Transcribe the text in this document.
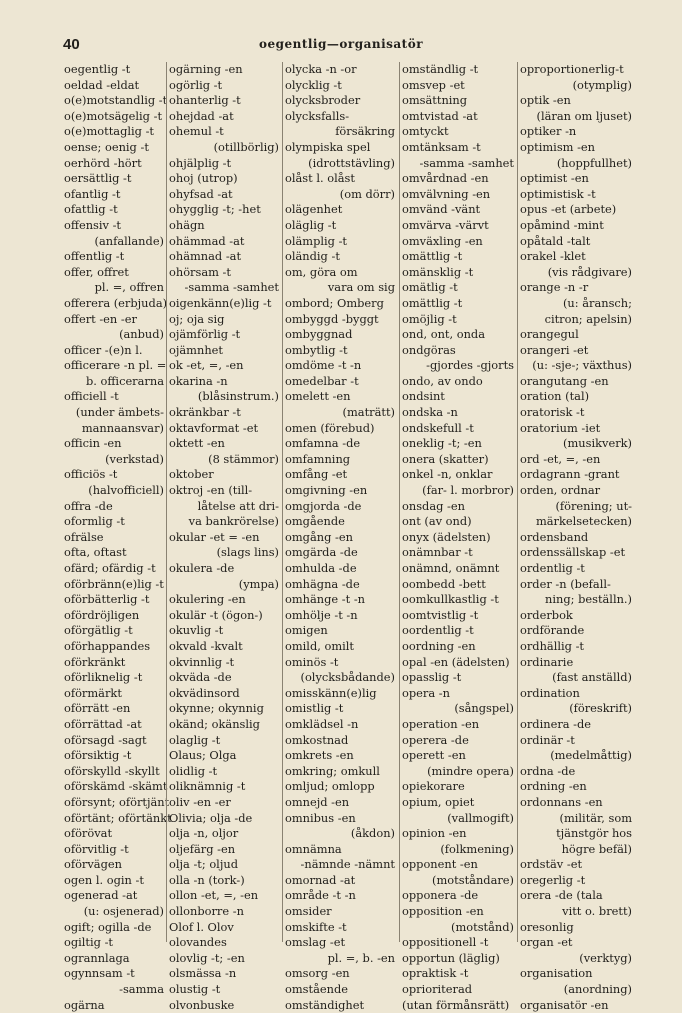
40	oegentlig—organisatör
oegentlig -t
oeldad -eldat
o(e)motstandlig -t
o(e)motsägelig -t
o(e)mottaglig -t
oense; oenig -t
oerhörd -hört
oersättlig -t
ofantlig -t
ofattlig -t
offensiv -t
(anfallande)
offentlig -t
offer, offret
pl. =, offren
offerera (erbjuda)
offert -en -er
(anbud)
officer -(e)n l.
officerare -n pl. =
b. officerarna
officiell -t
(under ämbets-
mannaansvar)
officin -en
(verkstad)
officiös -t
(halvofficiell)
offra -de
oformlig -t
ofrälse
ofta, oftast
ofärd; ofärdig -t
oförbränn(e)lig -t
oförbätterlig -t
ofördröjligen
oförgätlig -t
oförhappandes
oförkränkt
oförliknelig -t
oförmärkt
oförrätt -en
oförrättad -at
oförsagd -sagt
oförsiktig -t
oförskylld -skyllt
oförskämd -skämt
oförsynt; oförtjänt
oförtänt; oförtänkt
oförövat
oförvitlig -t
oförvägen
ogen l. ogin -t
ogenerad -at
(u: osjenerad)
ogift; ogilla -de
ogiltig -t
ogrannlaga
ogynnsam -t
-samma
ogärna
ogärning -en
ogörlig -t
ohanterlig -t
ohejdad -at
ohemul -t
(otillbörlig)
ohjälplig -t
ohoj (utrop)
ohyfsad -at
ohygglig -t; -het
ohägn
ohämmad -at
ohämnad -at
ohörsam -t
-samma -samhet
oigenkänn(e)lig -t
oj; oja sig
ojämförlig -t
ojämnhet
ok -et, =, -en
okarina -n
(blåsinstrum.)
okränkbar -t
oktavformat -et
oktett -en
(8 stämmor)
oktober
oktroj -en (till-
låtelse att dri-
va bankrörelse)
okular -et = -en
(slags lins)
okulera -de
(ympa)
okulering -en
okulär -t (ögon-)
okuvlig -t
okvald -kvalt
okvinnlig -t
okväda -de
okvädinsord
okynne; okynnig
okänd; okänslig
olaglig -t
Olaus; Olga
olidlig -t
oliknämnig -t
oliv -en -er
Olivia; olja -de
olja -n, oljor
oljefärg -en
olja -t; oljud
olla -n (tork-)
ollon -et, =, -en
ollonborre -n
Olof l. Olov
olovandes
olovlig -t; -en
olsmässa -n
olustig -t
olvonbuske
olycka -n -or
olycklig -t
olycksbroder
olycksfalls-
försäkring
olympiska spel
(idrottstävling)
olåst l. olåst
(om dörr)
olägenhet
oläglig -t
olämplig -t
oländig -t
om, göra om
vara om sig
ombord; Omberg
ombyggd -byggt
ombyggnad
ombytlig -t
omdöme -t -n
omedelbar -t
omelett -en
(maträtt)
omen (förebud)
omfamna -de
omfamning
omfång -et
omgivning -en
omgjorda -de
omgående
omgång -en
omgärda -de
omhulda -de
omhägna -de
omhänge -t -n
omhölje -t -n
omigen
omild, omilt
ominös -t
(olycksbådande)
omisskänn(e)lig
omistlig -t
omklädsel -n
omkostnad
omkrets -en
omkring; omkull
omljud; omlopp
omnejd -en
omnibus -en
(åkdon)
omnämna
-nämnde -nämnt
omornad -at
område -t -n
omsider
omskifte -t
omslag -et
pl. =, b. -en
omsorg -en
omstående
omständighet
omständlig -t
omsvep -et
omsättning
omtvistad -at
omtyckt
omtänksam -t
-samma -samhet
omvårdnad -en
omvälvning -en
omvänd -vänt
omvärva -värvt
omväxling -en
omättlig -t
omänsklig -t
omätlig -t
omättlig -t
omöjlig -t
ond, ont, onda
ondgöras
-gjordes -gjorts
ondo, av ondo
ondsint
ondska -n
ondskefull -t
oneklig -t; -en
onera (skatter)
onkel -n, onklar
(far- l. morbror)
onsdag -en
ont (av ond)
onyx (ädelsten)
onämnbar -t
onämnd, onämnt
oombedd -bett
oomkullkastlig -t
oomtvistlig -t
oordentlig -t
oordning -en
opal -en (ädelsten)
opasslig -t
opera -n
(sångspel)
operation -en
operera -de
operett -en
(mindre opera)
opiekorare
opium, opiet
(vallmogift)
opinion -en
(folkmening)
opponent -en
(motståndare)
opponera -de
opposition -en
(motstånd)
oppositionell -t
opportun (läglig)
opraktisk -t
oprioriterad
(utan förmånsrätt)
oproportionerlig-t
(otymplig)
optik -en
(läran om ljuset)
optiker -n
optimism -en
(hoppfullhet)
optimist -en
optimistisk -t
opus -et (arbete)
opåmind -mint
opåtald -talt
orakel -klet
(vis rådgivare)
orange -n -r
(u: åransch;
citron; apelsin)
orangegul
orangeri -et
(u: -sje-; växthus)
orangutang -en
oration (tal)
oratorisk -t
oratorium -iet
(musikverk)
ord -et, =, -en
ordagrann -grant
orden, ordnar
(förening; ut-
märkelsetecken)
ordensband
ordenssällskap -et
ordentlig -t
order -n (befall-
ning; beställn.)
orderbok
ordförande
ordhällig -t
ordinarie
(fast anställd)
ordination
(föreskrift)
ordinera -de
ordinär -t
(medelmåttig)
ordna -de
ordning -en
ordonnans -en
(militär, som
tjänstgör hos
högre befäl)
ordstäv -et
oregerlig -t
orera -de (tala
vitt o. brett)
oresonlig
organ -et
(verktyg)
organisation
(anordning)
organisatör -en
